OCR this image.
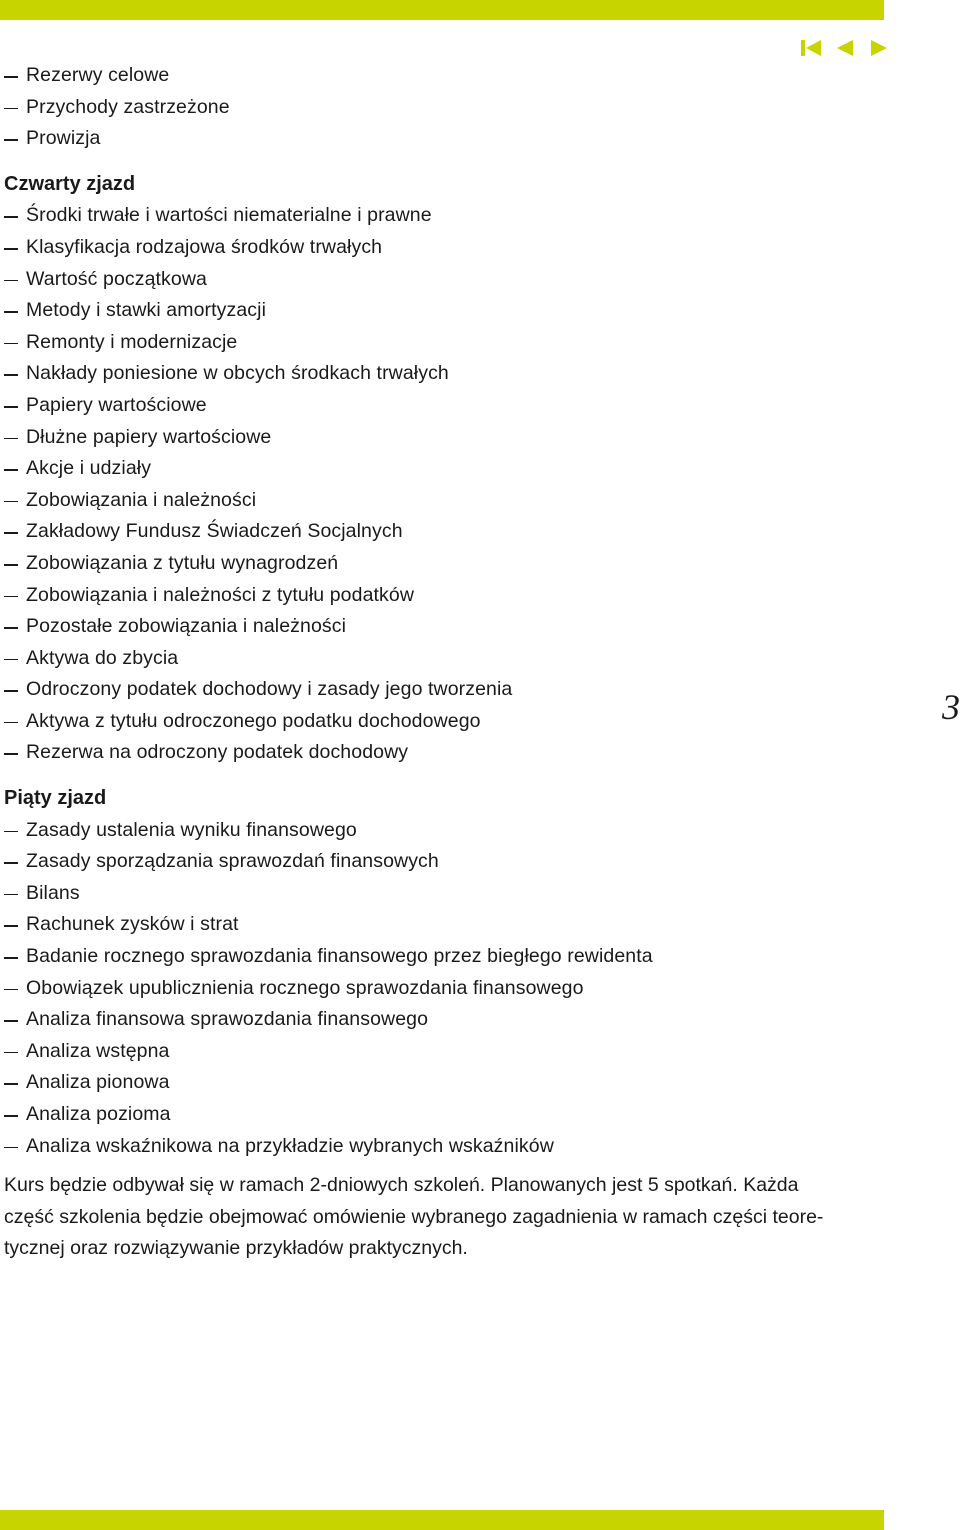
Rezerwy celowe
Przychody zastrzeżone
Prowizja
Czwarty zjazd
Środki trwałe i wartości niematerialne i prawne
Klasyfikacja rodzajowa środków trwałych
Wartość początkowa
Metody i stawki amortyzacji
Remonty i modernizacje
Nakłady poniesione w obcych środkach trwałych
Papiery wartościowe
Dłużne papiery wartościowe
Akcje i udziały
Zobowiązania i należności
Zakładowy Fundusz Świadczeń Socjalnych
Zobowiązania z tytułu wynagrodzeń
Zobowiązania i należności z tytułu podatków
Pozostałe zobowiązania i należności
Aktywa do zbycia
Odroczony podatek dochodowy i zasady jego tworzenia
Aktywa z tytułu odroczonego podatku dochodowego
Rezerwa na odroczony podatek dochodowy
Piąty zjazd
Zasady ustalenia wyniku finansowego
Zasady sporządzania sprawozdań finansowych
Bilans
Rachunek zysków i strat
Badanie rocznego sprawozdania finansowego przez biegłego rewidenta
Obowiązek upublicznienia rocznego sprawozdania finansowego
Analiza finansowa sprawozdania finansowego
Analiza wstępna
Analiza pionowa
Analiza pozioma
Analiza wskaźnikowa na przykładzie wybranych wskaźników
Kurs będzie odbywał się w ramach 2-dniowych szkoleń. Planowanych jest 5 spotkań. Każda
część szkolenia będzie obejmować omówienie wybranego zagadnienia w ramach części teore-
tycznej oraz rozwiązywanie przykładów praktycznych.
3
